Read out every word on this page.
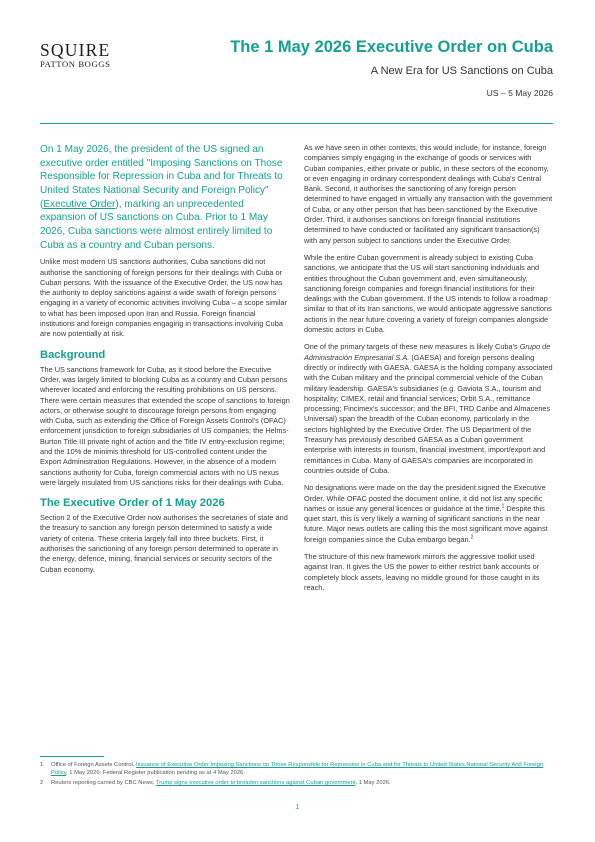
SQUIRE
PATTON BOGGS
The 1 May 2026 Executive Order on Cuba
A New Era for US Sanctions on Cuba
US – 5 May 2026
On 1 May 2026, the president of the US signed an executive order entitled "Imposing Sanctions on Those Responsible for Repression in Cuba and for Threats to United States National Security and Foreign Policy" (Executive Order), marking an unprecedented expansion of US sanctions on Cuba. Prior to 1 May 2026, Cuba sanctions were almost entirely limited to Cuba as a country and Cuban persons.

Unlike most modern US sanctions authorities, Cuba sanctions did not authorise the sanctioning of foreign persons for their dealings with Cuba or Cuban persons. With the issuance of the Executive Order, the US now has the authority to deploy sanctions against a wide swath of foreign persons engaging in a variety of economic activities involving Cuba – a scope similar to what has been imposed upon Iran and Russia. Foreign financial institutions and foreign companies engaging in transactions involving Cuba are now potentially at risk.

Background

The US sanctions framework for Cuba, as it stood before the Executive Order, was largely limited to blocking Cuba as a country and Cuban persons wherever located and enforcing the resulting prohibitions on US persons. There were certain measures that extended the scope of sanctions to foreign actors, or otherwise sought to discourage foreign persons from engaging with Cuba, such as extending the Office of Foreign Assets Control's (OFAC) enforcement jurisdiction to foreign subsidiaries of US companies; the Helms-Burton Title III private right of action and the Title IV entry-exclusion regime; and the 10% de minimis threshold for US-controlled content under the Export Administration Regulations. However, in the absence of a modern sanctions authority for Cuba, foreign commercial actors with no US nexus were largely insulated from US sanctions risks for their dealings with Cuba.

The Executive Order of 1 May 2026

Section 2 of the Executive Order now authorises the secretaries of state and the treasury to sanction any foreign person determined to satisfy a wide variety of criteria. These criteria largely fall into three buckets. First, it authorises the sanctioning of any foreign person determined to operate in the energy, defence, mining, financial services or security sectors of the Cuban economy.

As we have seen in other contexts, this would include, for instance, foreign companies simply engaging in the exchange of goods or services with Cuban companies, either private or public, in these sectors of the economy, or even engaging in ordinary correspondent dealings with Cuba's Central Bank. Second, it authorises the sanctioning of any foreign person determined to have engaged in virtually any transaction with the government of Cuba, or any other person that has been sanctioned by the Executive Order. Third, it authorises sanctions on foreign financial institutions determined to have conducted or facilitated any significant transaction(s) with any person subject to sanctions under the Executive Order.

While the entire Cuban government is already subject to existing Cuba sanctions, we anticipate that the US will start sanctioning individuals and entities throughout the Cuban government and, even simultaneously, sanctioning foreign companies and foreign financial institutions for their dealings with the Cuban government. If the US intends to follow a roadmap similar to that of its Iran sanctions, we would anticipate aggressive sanctions actions in the near future covering a variety of foreign companies alongside domestic actors in Cuba.

One of the primary targets of these new measures is likely Cuba's Grupo de Administración Empresarial S.A. (GAESA) and foreign persons dealing directly or indirectly with GAESA. GAESA is the holding company associated with the Cuban military and the principal commercial vehicle of the Cuban military leadership. GAESA's subsidiaries (e.g. Gaviota S.A., tourism and hospitality; CIMEX, retail and financial services; Orbit S.A., remittance processing; Fincimex's successor; and the BFI, TRD Caribe and Almacenes Universal) span the breadth of the Cuban economy, particularly in the sectors highlighted by the Executive Order. The US Department of the Treasury has previously described GAESA as a Cuban government enterprise with interests in tourism, financial investment, import/export and remittances in Cuba. Many of GAESA's companies are incorporated in countries outside of Cuba.

No designations were made on the day the president signed the Executive Order. While OFAC posted the document online, it did not list any specific names or issue any general licences or guidance at the time.$^1$ Despite this quiet start, this is very likely a warning of significant sanctions in the near future. Major news outlets are calling this the most significant move against foreign companies since the Cuba embargo began.$^2$

The structure of this new framework mirrors the aggressive toolkit used against Iran. It gives the US the power to either restrict bank accounts or completely block assets, leaving no middle ground for those caught in its reach.

1 Office of Foreign Assets Control, Issuance of Executive Order Imposing Sanctions on Those Responsible for Repression in Cuba and for Threats to United States National Security And Foreign Policy, 1 May 2026; Federal Register publication pending as at 4 May 2026.
2 Reuters reporting carried by CBC News, Trump signs executive order to broaden sanctions against Cuban government, 1 May 2026.
1
